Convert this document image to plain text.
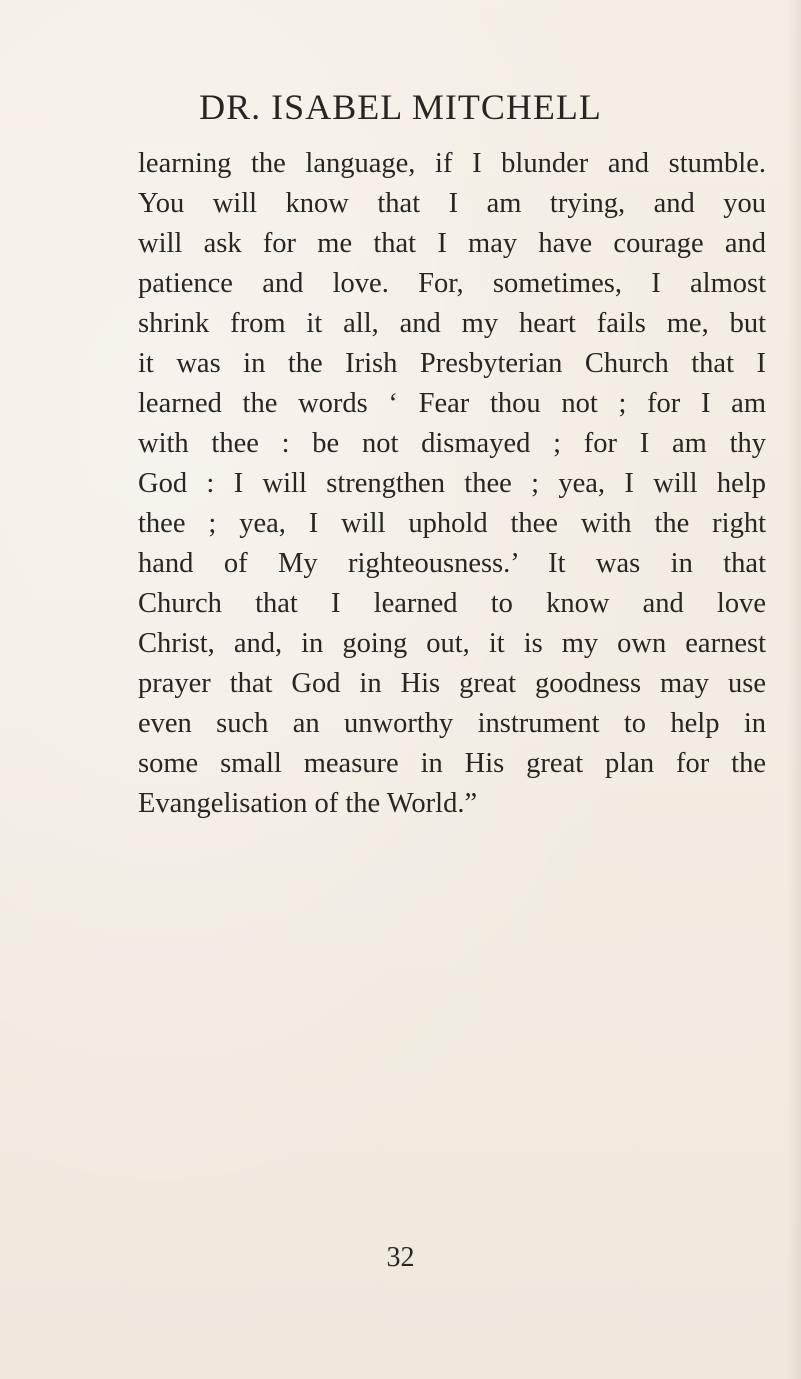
DR. ISABEL MITCHELL
learning the language, if I blunder and stumble.
You will know that I am trying, and you
will ask for me that I may have courage and
patience and love. For, sometimes, I almost
shrink from it all, and my heart fails me, but
it was in the Irish Presbyterian Church that I
learned the words ‘ Fear thou not ; for I am
with thee : be not dismayed ; for I am thy
God : I will strengthen thee ; yea, I will help
thee ; yea, I will uphold thee with the right
hand of My righteousness.’ It was in that
Church that I learned to know and love
Christ, and, in going out, it is my own earnest
prayer that God in His great goodness may use
even such an unworthy instrument to help in
some small measure in His great plan for the
Evangelisation of the World.”
32
